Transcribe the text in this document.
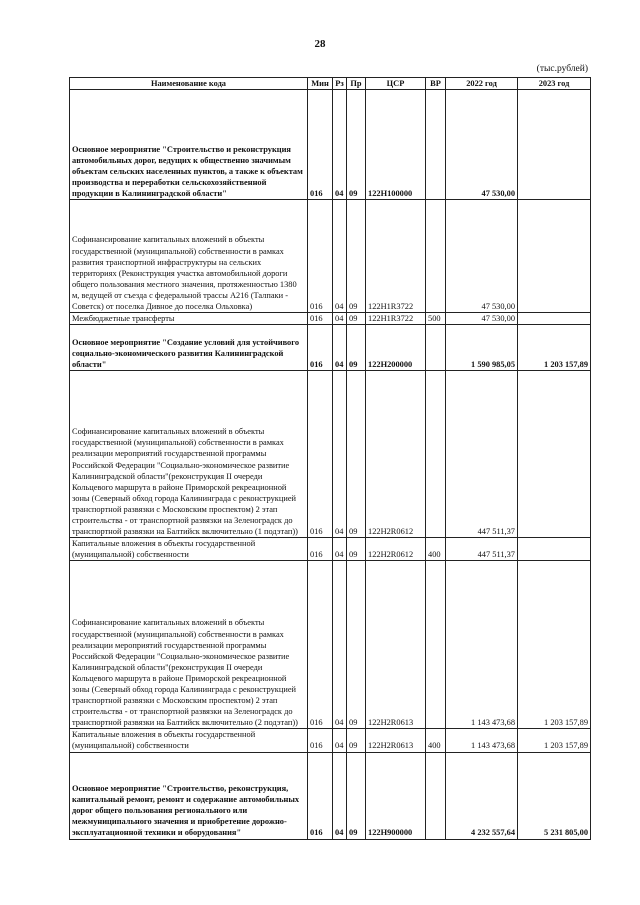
28
(тыс.рублей)
Наименование кода	Мин	Рз	Пр	ЦСР	ВР	2022 год	2023 год
Основное мероприятие "Строительство и реконструкция автомобильных дорог, ведущих к общественно значимым объектам сельских населенных пунктов, а также к объектам производства и переработки сельскохозяйственной продукции в Калининградской области"	016	04	09	122Н100000		47 530,00	
Софинансирование капитальных вложений в объекты государственной (муниципальной) собственности в рамках развития транспортной инфраструктуры на сельских территориях (Реконструкция участка автомобильной дороги общего пользования местного значения, протяженностью 1380 м, ведущей от съезда с федеральной трассы А216 (Талпаки - Советск) от поселка Дивное до поселка Ольховка)	016	04	09	122Н1R3722		47 530,00	
Межбюджетные трансферты	016	04	09	122Н1R3722	500	47 530,00	
Основное мероприятие "Создание условий для устойчивого социально-экономического развития Калининградской области"	016	04	09	122Н200000		1 590 985,05	1 203 157,89
Софинансирование капитальных вложений в объекты государственной (муниципальной) собственности в рамках реализации мероприятий государственной программы Российской Федерации "Социально-экономическое развитие Калининградской области"(реконструкция II очереди Кольцевого маршрута в районе Приморской рекреационной зоны (Северный обход города Калининграда с реконструкцией транспортной развязки с Московским проспектом) 2 этап строительства - от транспортной развязки на Зеленоградск до транспортной развязки на Балтийск включительно (1 подэтап))	016	04	09	122Н2R0612		447 511,37	
Капитальные вложения в объекты государственной (муниципальной) собственности	016	04	09	122Н2R0612	400	447 511,37	
Софинансирование капитальных вложений в объекты государственной (муниципальной) собственности в рамках реализации мероприятий государственной программы Российской Федерации "Социально-экономическое развитие Калининградской области"(реконструкция II очереди Кольцевого маршрута в районе Приморской рекреационной зоны (Северный обход города Калининграда с реконструкцией транспортной развязки с Московским проспектом) 2 этап строительства - от транспортной развязки на Зеленоградск до транспортной развязки на Балтийск включительно (2 подэтап))	016	04	09	122Н2R0613		1 143 473,68	1 203 157,89
Капитальные вложения в объекты государственной (муниципальной) собственности	016	04	09	122Н2R0613	400	1 143 473,68	1 203 157,89
Основное мероприятие "Строительство, реконструкция, капитальный ремонт, ремонт и содержание автомобильных дорог общего пользования регионального или межмуниципального значения и приобретение дорожно-эксплуатационной техники и оборудования"	016	04	09	122Н900000		4 232 557,64	5 231 805,00
